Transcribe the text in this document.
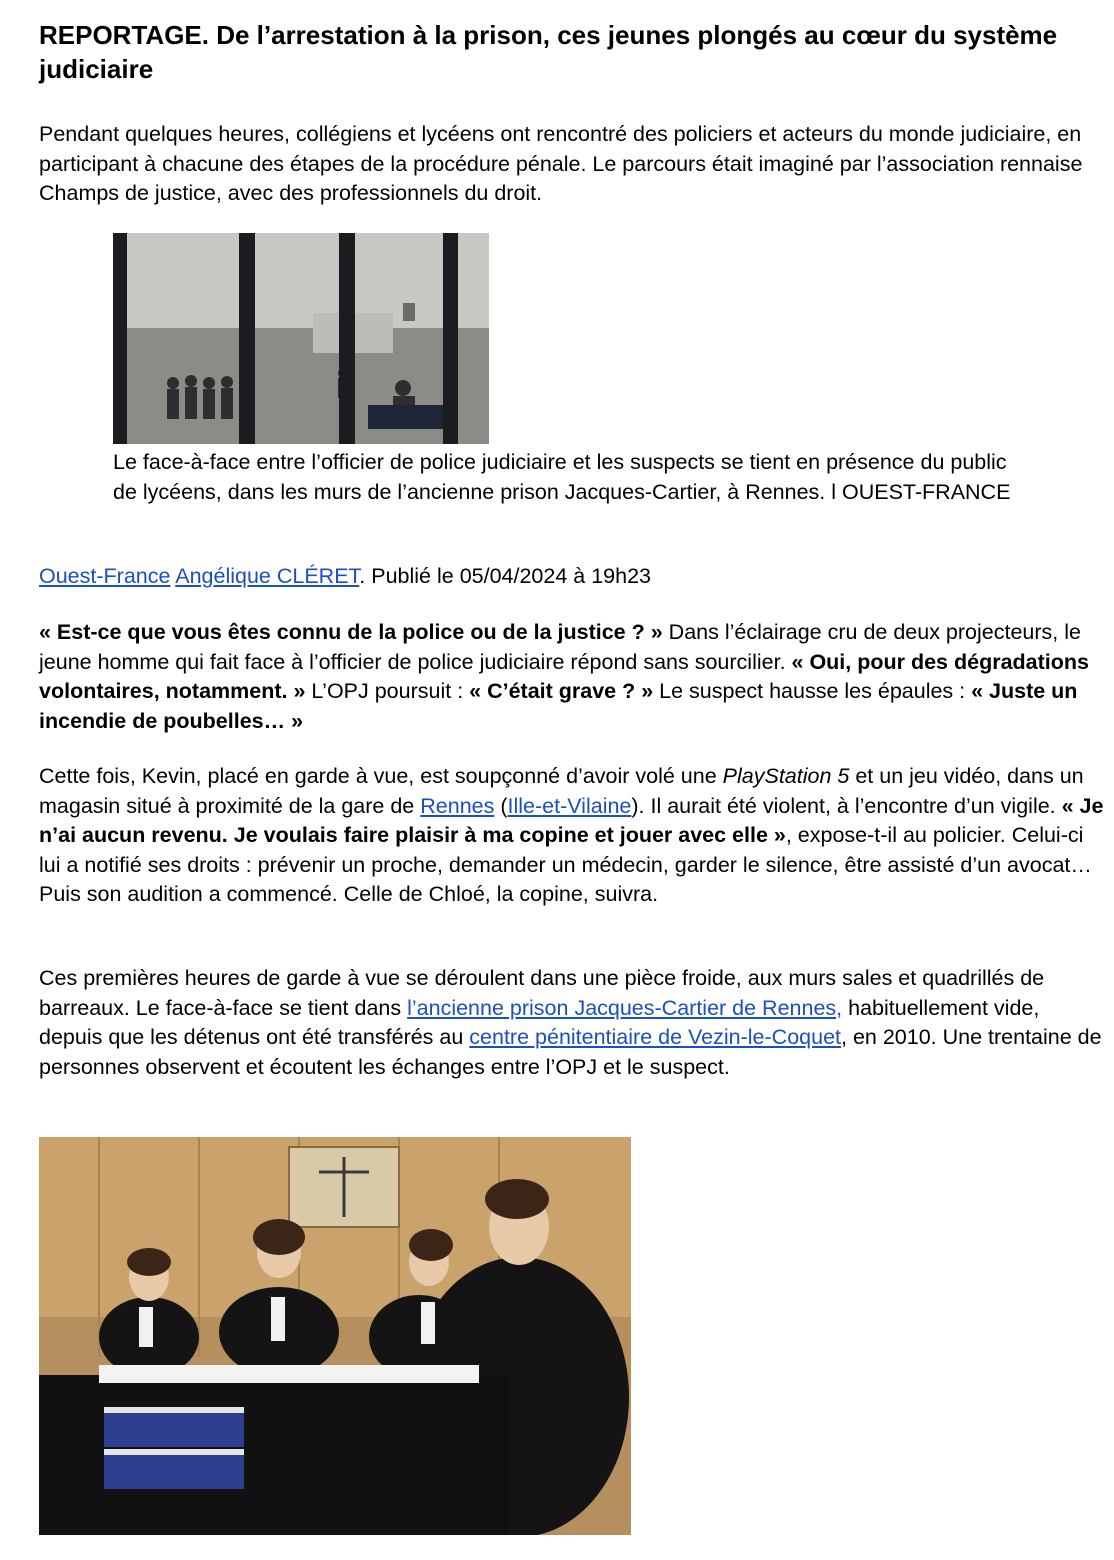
REPORTAGE. De l’arrestation à la prison, ces jeunes plongés au cœur du système judiciaire

Pendant quelques heures, collégiens et lycéens ont rencontré des policiers et acteurs du monde judiciaire, en participant à chacune des étapes de la procédure pénale. Le parcours était imaginé par l’association rennaise Champs de justice, avec des professionnels du droit.

Le face-à-face entre l’officier de police judiciaire et les suspects se tient en présence du public de lycéens, dans les murs de l’ancienne prison Jacques-Cartier, à Rennes. l OUEST-FRANCE

Ouest-France Angélique CLÉRET. Publié le 05/04/2024 à 19h23

« Est-ce que vous êtes connu de la police ou de la justice ? » Dans l’éclairage cru de deux projecteurs, le jeune homme qui fait face à l’officier de police judiciaire répond sans sourcilier. « Oui, pour des dégradations volontaires, notamment. » L’OPJ poursuit : « C’était grave ? » Le suspect hausse les épaules : « Juste un incendie de poubelles… »

Cette fois, Kevin, placé en garde à vue, est soupçonné d’avoir volé une PlayStation 5 et un jeu vidéo, dans un magasin situé à proximité de la gare de Rennes (Ille-et-Vilaine). Il aurait été violent, à l’encontre d’un vigile. « Je n’ai aucun revenu. Je voulais faire plaisir à ma copine et jouer avec elle », expose-t-il au policier. Celui-ci lui a notifié ses droits : prévenir un proche, demander un médecin, garder le silence, être assisté d’un avocat… Puis son audition a commencé. Celle de Chloé, la copine, suivra.

Ces premières heures de garde à vue se déroulent dans une pièce froide, aux murs sales et quadrillés de barreaux. Le face-à-face se tient dans l’ancienne prison Jacques-Cartier de Rennes, habituellement vide, depuis que les détenus ont été transférés au centre pénitentiaire de Vezin-le-Coquet, en 2010. Une trentaine de personnes observent et écoutent les échanges entre l’OPJ et le suspect.
